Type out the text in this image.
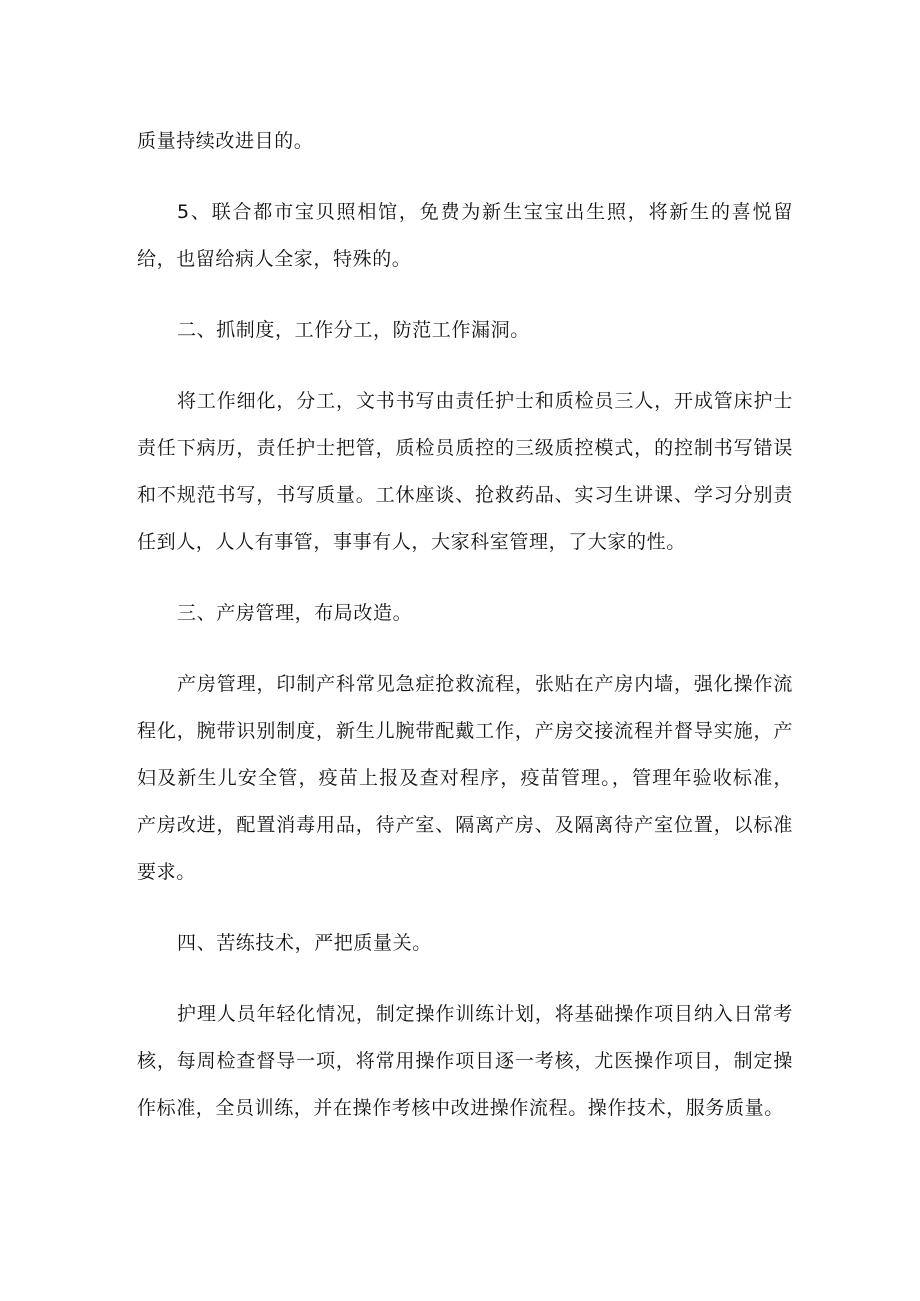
质量持续改进目的。

5、联合都市宝贝照相馆，免费为新生宝宝出生照，将新生的喜悦留给，也留给病人全家，特殊的。

二、抓制度，工作分工，防范工作漏洞。

将工作细化，分工，文书书写由责任护士和质检员三人，开成管床护士责任下病历，责任护士把管，质检员质控的三级质控模式，的控制书写错误和不规范书写，书写质量。工休座谈、抢救药品、实习生讲课、学习分别责任到人，人人有事管，事事有人，大家科室管理，了大家的性。

三、产房管理，布局改造。

产房管理，印制产科常见急症抢救流程，张贴在产房内墙，强化操作流程化，腕带识别制度，新生儿腕带配戴工作，产房交接流程并督导实施，产妇及新生儿安全管，疫苗上报及查对程序，疫苗管理。，管理年验收标准，产房改进，配置消毒用品，待产室、隔离产房、及隔离待产室位置，以标准要求。

四、苦练技术，严把质量关。

护理人员年轻化情况，制定操作训练计划，将基础操作项目纳入日常考核，每周检查督导一项，将常用操作项目逐一考核，尤医操作项目，制定操作标准，全员训练，并在操作考核中改进操作流程。操作技术，服务质量。
